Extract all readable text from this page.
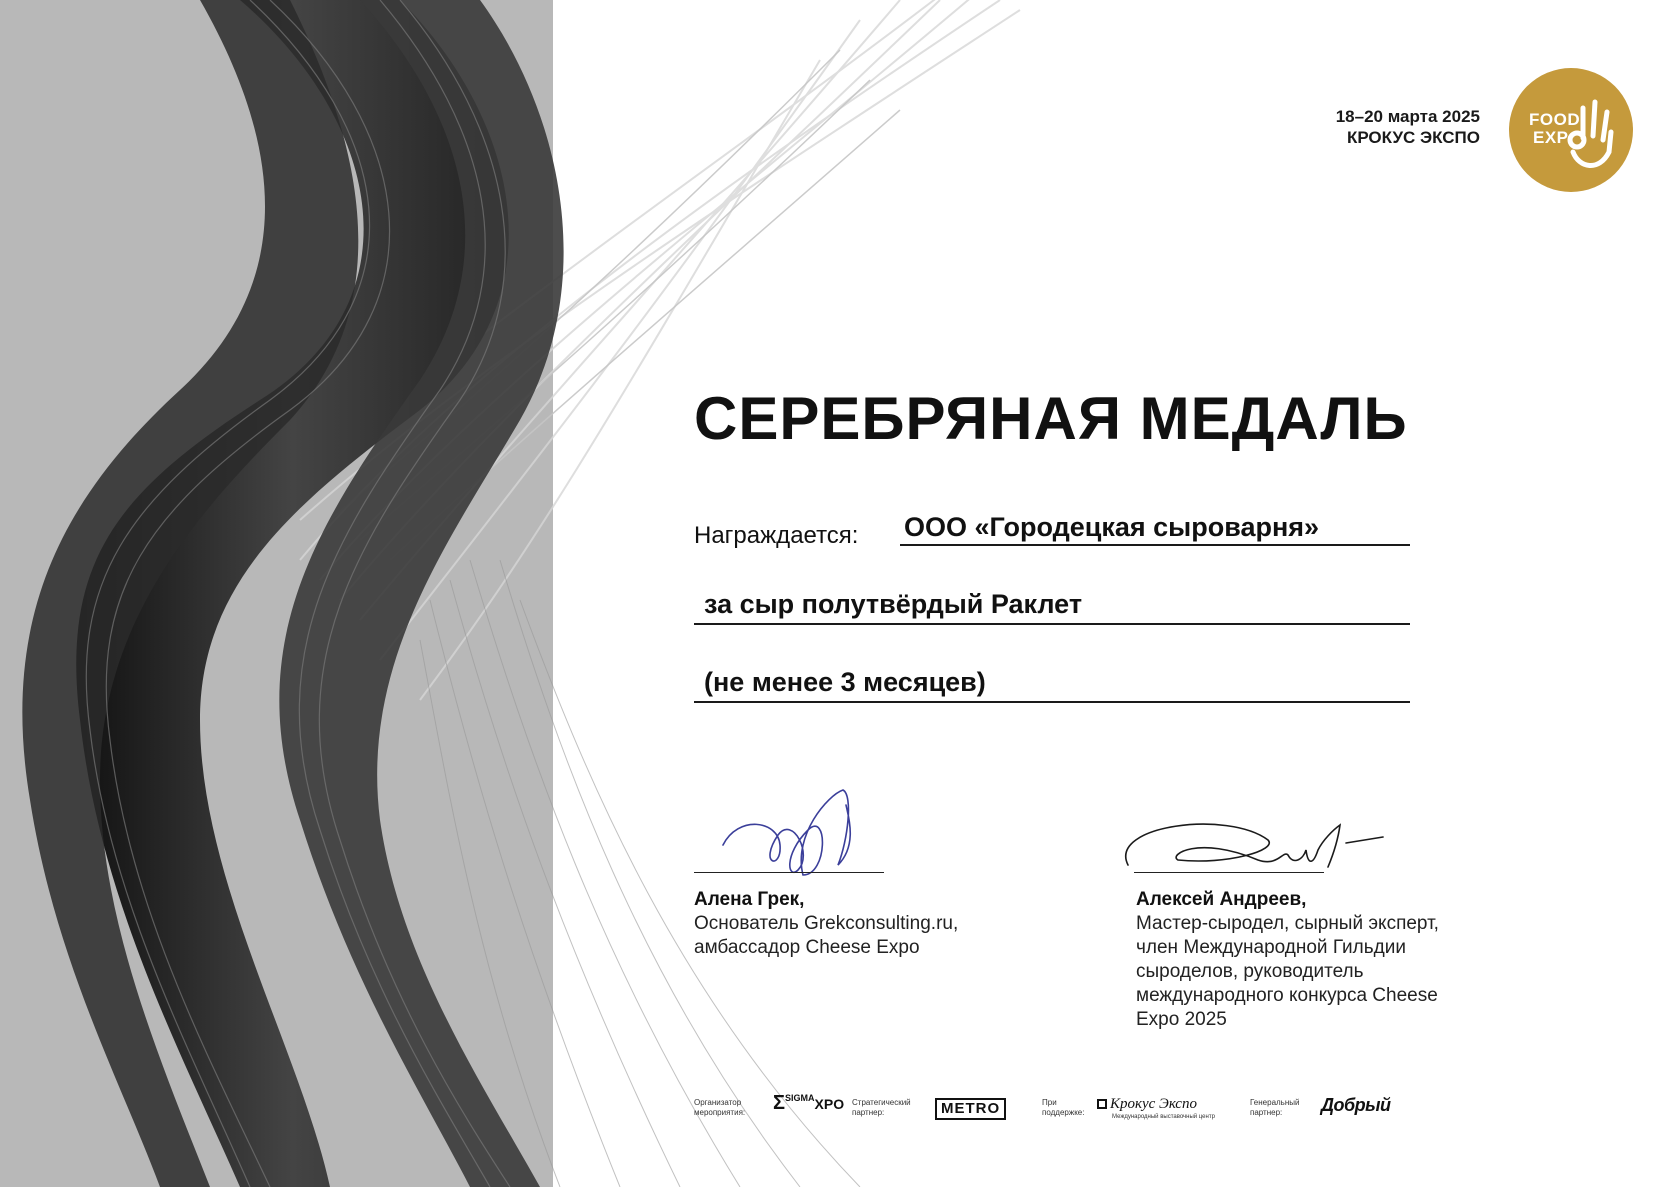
18–20 марта 2025
КРОКУС ЭКСПО
FOOD
EXP
СЕРЕБРЯНАЯ МЕДАЛЬ
Награждается: ООО «Городецкая сыроварня»
за сыр полутвёрдый Раклет
(не менее 3 месяцев)
Алена Грек,
Основатель Grekconsulting.ru,
амбассадор Cheese Expo
Алексей Андреев,
Мастер-сыродел, сырный эксперт,
член Международной Гильдии
сыроделов, руководитель
международного конкурса Cheese
Expo 2025
Организатор
мероприятия: $\Sigma^{SIGMA}XPO$ Стратегический
партнер:	METRO	При
поддержке:
Крокус Экспо
Международный выставочный центр
Генеральный
партнер:	Добрый
